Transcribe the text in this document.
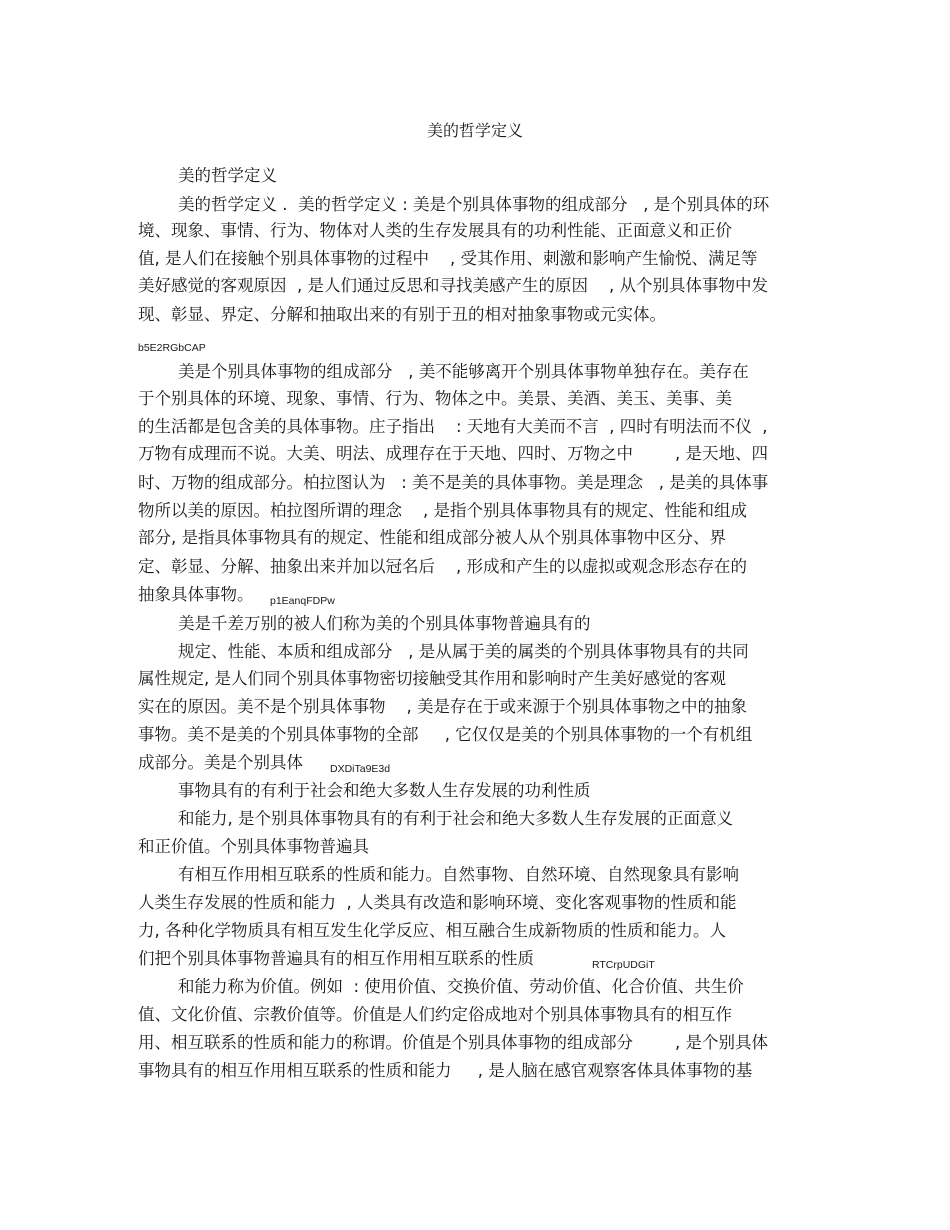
美的哲学定义
美的哲学定义
美的哲学定义 .  美的哲学定义 : 美是个别具体事物的组成部分   , 是个别具体的环
境、现象、事情、行为、物体对人类的生存发展具有的功利性能、正面意义和正价
值, 是人们在接触个别具体事物的过程中    , 受其作用、刺激和影响产生愉悦、满足等
美好感觉的客观原因  , 是人们通过反思和寻找美感产生的原因    , 从个别具体事物中发
现、彰显、界定、分解和抽取出来的有别于丑的相对抽象事物或元实体。
b5E2RGbCAP
美是个别具体事物的组成部分   , 美不能够离开个别具体事物单独存在。美存在
于个别具体的环境、现象、事情、行为、物体之中。美景、美酒、美玉、美事、美
的生活都是包含美的具体事物。庄子指出    : 天地有大美而不言  , 四时有明法而不仪  ,
万物有成理而不说。大美、明法、成理存在于天地、四时、万物之中        , 是天地、四
时、万物的组成部分。柏拉图认为   : 美不是美的具体事物。美是理念   , 是美的具体事
物所以美的原因。柏拉图所谓的理念    , 是指个别具体事物具有的规定、性能和组成
部分, 是指具体事物具有的规定、性能和组成部分被人从个别具体事物中区分、界
定、彰显、分解、抽象出来并加以冠名后    , 形成和产生的以虚拟或观念形态存在的
抽象具体事物。 p1EanqFDPw
美是千差万别的被人们称为美的个别具体事物普遍具有的
规定、性能、本质和组成部分   , 是从属于美的属类的个别具体事物具有的共同
属性规定, 是人们同个别具体事物密切接触受其作用和影响时产生美好感觉的客观
实在的原因。美不是个别具体事物    , 美是存在于或来源于个别具体事物之中的抽象
事物。美不是美的个别具体事物的全部     , 它仅仅是美的个别具体事物的一个有机组
成部分。美是个别具体	DXDiTa9E3d
事物具有的有利于社会和绝大多数人生存发展的功利性质
和能力, 是个别具体事物具有的有利于社会和绝大多数人生存发展的正面意义
和正价值。个别具体事物普遍具
有相互作用相互联系的性质和能力。自然事物、自然环境、自然现象具有影响
人类生存发展的性质和能力  , 人类具有改造和影响环境、变化客观事物的性质和能
力, 各种化学物质具有相互发生化学反应、相互融合生成新物质的性质和能力。人
们把个别具体事物普遍具有的相互作用相互联系的性质	RTCrpUDGiT
和能力称为价值。例如  : 使用价值、交换价值、劳动价值、化合价值、共生价
值、文化价值、宗教价值等。价值是人们约定俗成地对个别具体事物具有的相互作
用、相互联系的性质和能力的称谓。价值是个别具体事物的组成部分        , 是个别具体
事物具有的相互作用相互联系的性质和能力     , 是人脑在感官观察客体具体事物的基
